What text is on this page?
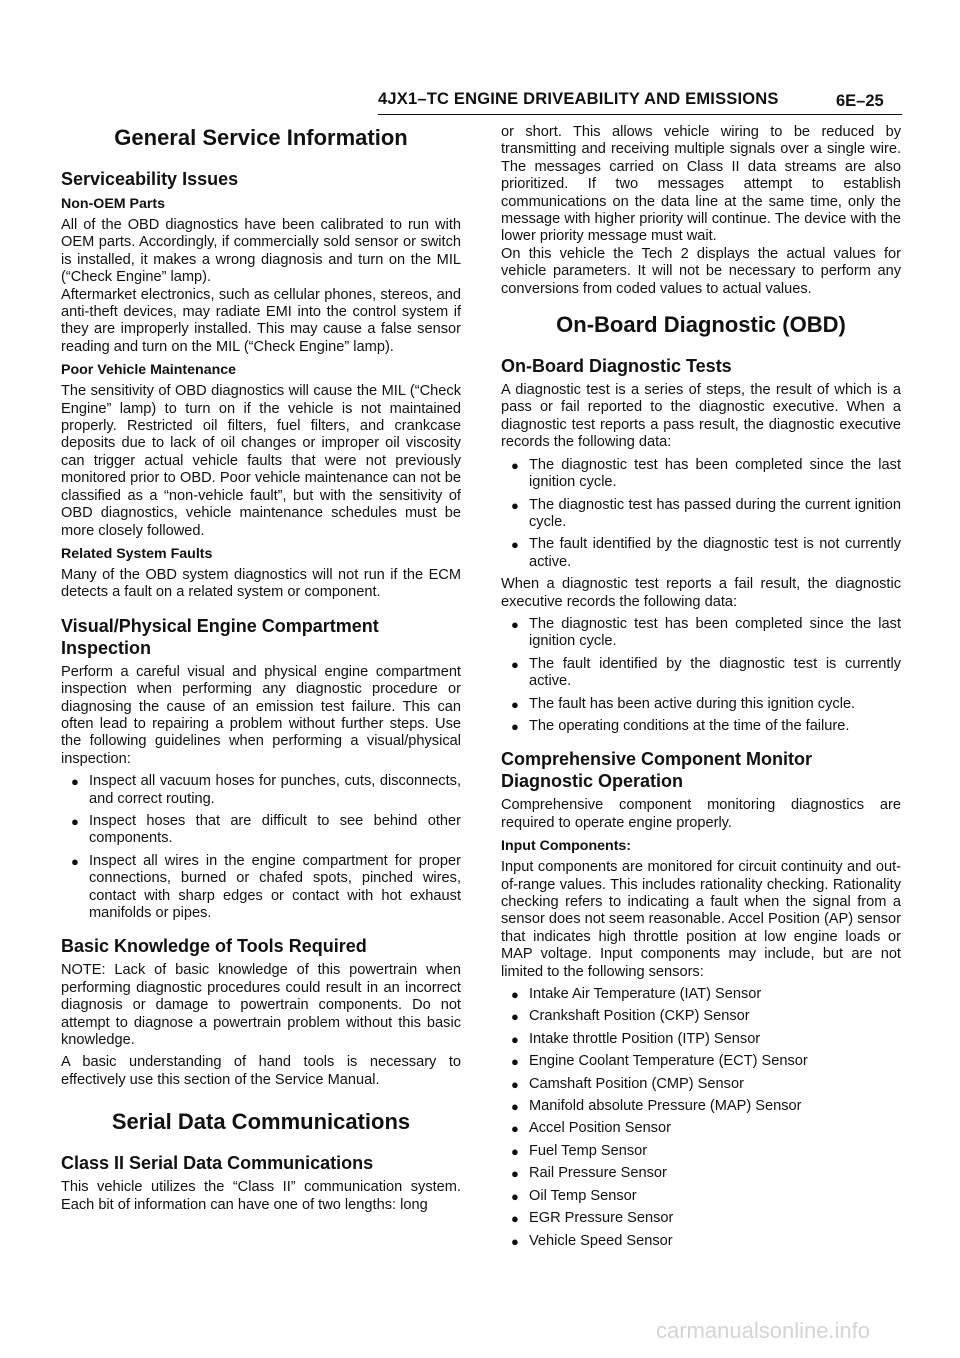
4JX1–TC ENGINE DRIVEABILITY AND EMISSIONS	6E–25
General Service Information
Serviceability Issues
Non-OEM Parts
All of the OBD diagnostics have been calibrated to run with OEM parts. Accordingly, if commercially sold sensor or switch is installed, it makes a wrong diagnosis and turn on the MIL (“Check Engine” lamp).
Aftermarket electronics, such as cellular phones, stereos, and anti-theft devices, may radiate EMI into the control system if they are improperly installed. This may cause a false sensor reading and turn on the MIL (“Check Engine” lamp).
Poor Vehicle Maintenance
The sensitivity of OBD diagnostics will cause the MIL (“Check Engine” lamp) to turn on if the vehicle is not maintained properly. Restricted oil filters, fuel filters, and crankcase deposits due to lack of oil changes or improper oil viscosity can trigger actual vehicle faults that were not previously monitored prior to OBD. Poor vehicle maintenance can not be classified as a “non-vehicle fault”, but with the sensitivity of OBD diagnostics, vehicle maintenance schedules must be more closely followed.
Related System Faults
Many of the OBD system diagnostics will not run if the ECM detects a fault on a related system or component.
Visual/Physical Engine Compartment Inspection
Perform a careful visual and physical engine compartment inspection when performing any diagnostic procedure or diagnosing the cause of an emission test failure. This can often lead to repairing a problem without further steps. Use the following guidelines when performing a visual/physical inspection:
● Inspect all vacuum hoses for punches, cuts, disconnects, and correct routing.
● Inspect hoses that are difficult to see behind other components.
● Inspect all wires in the engine compartment for proper connections, burned or chafed spots, pinched wires, contact with sharp edges or contact with hot exhaust manifolds or pipes.
Basic Knowledge of Tools Required
NOTE: Lack of basic knowledge of this powertrain when performing diagnostic procedures could result in an incorrect diagnosis or damage to powertrain components. Do not attempt to diagnose a powertrain problem without this basic knowledge.
A basic understanding of hand tools is necessary to effectively use this section of the Service Manual.
Serial Data Communications
Class II Serial Data Communications
This vehicle utilizes the “Class II” communication system. Each bit of information can have one of two lengths: long
or short. This allows vehicle wiring to be reduced by transmitting and receiving multiple signals over a single wire. The messages carried on Class II data streams are also prioritized. If two messages attempt to establish communications on the data line at the same time, only the message with higher priority will continue. The device with the lower priority message must wait.
On this vehicle the Tech 2 displays the actual values for vehicle parameters. It will not be necessary to perform any conversions from coded values to actual values.
On-Board Diagnostic (OBD)
On-Board Diagnostic Tests
A diagnostic test is a series of steps, the result of which is a pass or fail reported to the diagnostic executive. When a diagnostic test reports a pass result, the diagnostic executive records the following data:
● The diagnostic test has been completed since the last ignition cycle.
● The diagnostic test has passed during the current ignition cycle.
● The fault identified by the diagnostic test is not currently active.
When a diagnostic test reports a fail result, the diagnostic executive records the following data:
● The diagnostic test has been completed since the last ignition cycle.
● The fault identified by the diagnostic test is currently active.
● The fault has been active during this ignition cycle.
● The operating conditions at the time of the failure.
Comprehensive Component Monitor Diagnostic Operation
Comprehensive component monitoring diagnostics are required to operate engine properly.
Input Components:
Input components are monitored for circuit continuity and out-of-range values. This includes rationality checking. Rationality checking refers to indicating a fault when the signal from a sensor does not seem reasonable. Accel Position (AP) sensor that indicates high throttle position at low engine loads or MAP voltage. Input components may include, but are not limited to the following sensors:
● Intake Air Temperature (IAT) Sensor
● Crankshaft Position (CKP) Sensor
● Intake throttle Position (ITP) Sensor
● Engine Coolant Temperature (ECT) Sensor
● Camshaft Position (CMP) Sensor
● Manifold absolute Pressure (MAP) Sensor
● Accel Position Sensor
● Fuel Temp Sensor
● Rail Pressure Sensor
● Oil Temp Sensor
● EGR Pressure Sensor
● Vehicle Speed Sensor
carmanualsonline.info
